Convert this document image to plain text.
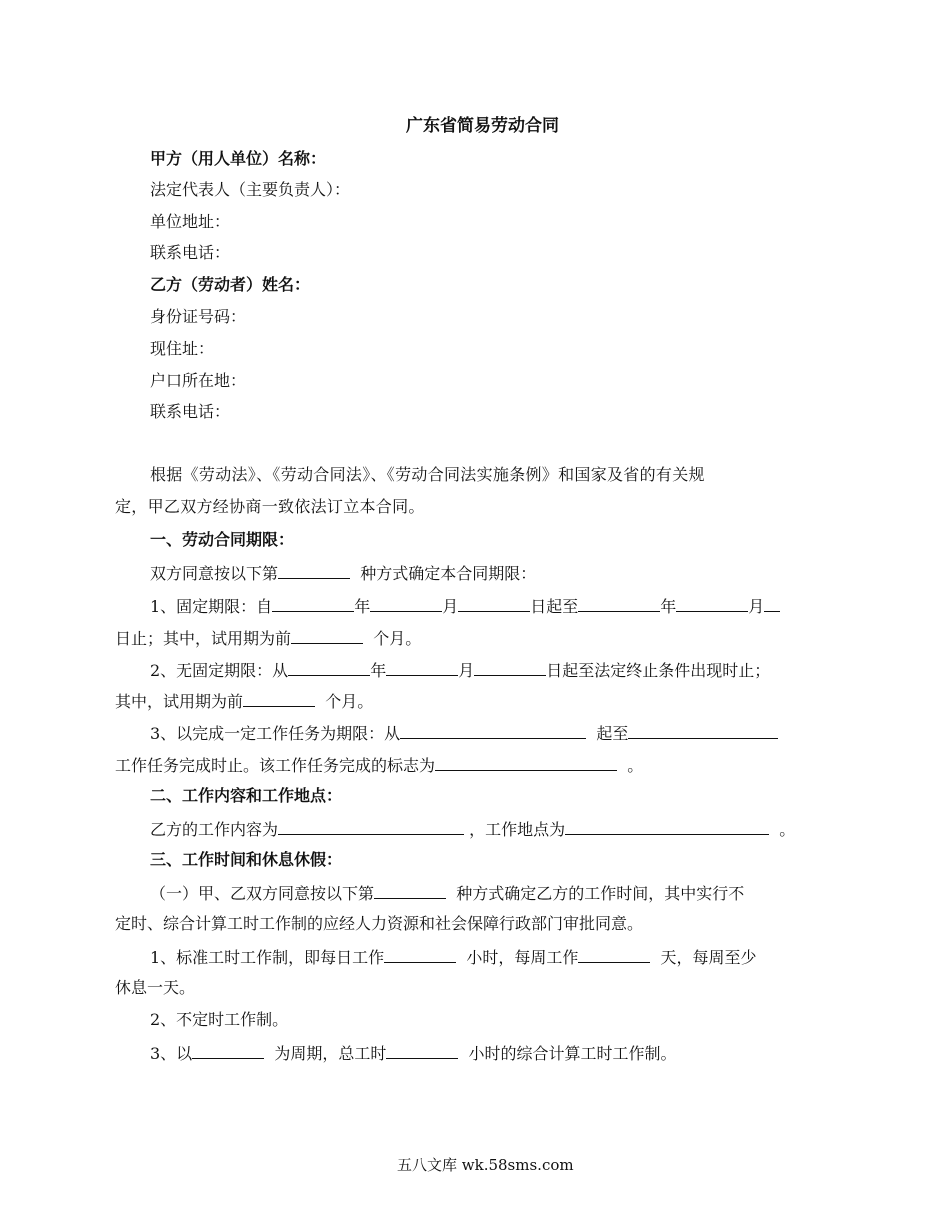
广东省简易劳动合同
甲方（用人单位）名称：
法定代表人（主要负责人）：
单位地址：
联系电话：
乙方（劳动者）姓名：
身份证号码：
现住址：
户口所在地：
联系电话：
根据《劳动法》、《劳动合同法》、《劳动合同法实施条例》和国家及省的有关规
定，甲乙双方经协商一致依法订立本合同。
一、劳动合同期限：
双方同意按以下第	种方式确定本合同期限：
1、固定期限：自	年	月	日起至	年	月
日止；其中，试用期为前	个月。
2、无固定期限：从	年	月	日起至法定终止条件出现时止；
其中，试用期为前	个月。
3、以完成一定工作任务为期限：从	起至
工作任务完成时止。该工作任务完成的标志为	。
二、工作内容和工作地点：
乙方的工作内容为	，工作地点为	。
三、工作时间和休息休假：
（一）甲、乙双方同意按以下第	种方式确定乙方的工作时间，其中实行不
定时、综合计算工时工作制的应经人力资源和社会保障行政部门审批同意。
1、标准工时工作制，即每日工作	小时，每周工作	天，每周至少
休息一天。
2、不定时工作制。
3、以	为周期，总工时	小时的综合计算工时工作制。
五八文库 wk.58sms.com
